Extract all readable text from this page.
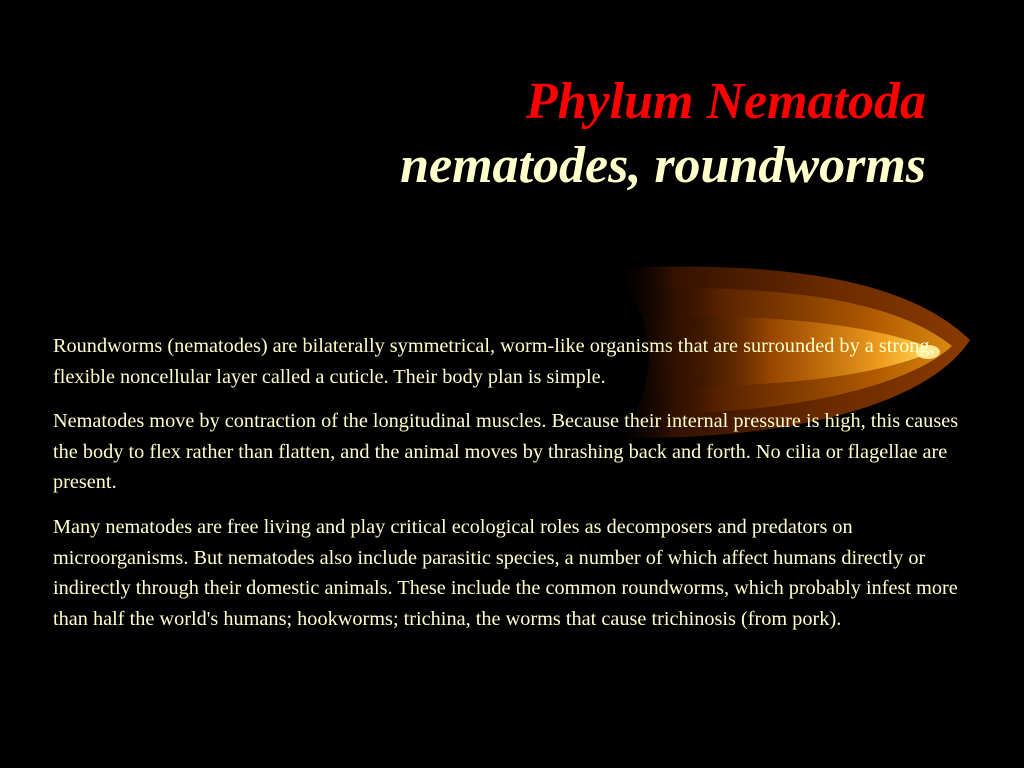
Phylum Nematoda
nematodes, roundworms

Roundworms (nematodes) are bilaterally symmetrical, worm-like organisms that are surrounded by a strong, flexible noncellular layer called a cuticle. Their body plan is simple.

Nematodes move by contraction of the longitudinal muscles. Because their internal pressure is high, this causes the body to flex rather than flatten, and the animal moves by thrashing back and forth. No cilia or flagellae are present.

Many nematodes are free living and play critical ecological roles as decomposers and predators on microorganisms. But nematodes also include parasitic species, a number of which affect humans directly or indirectly through their domestic animals. These include the common roundworms, which probably infest more than half the world's humans; hookworms; trichina, the worms that cause trichinosis (from pork).
